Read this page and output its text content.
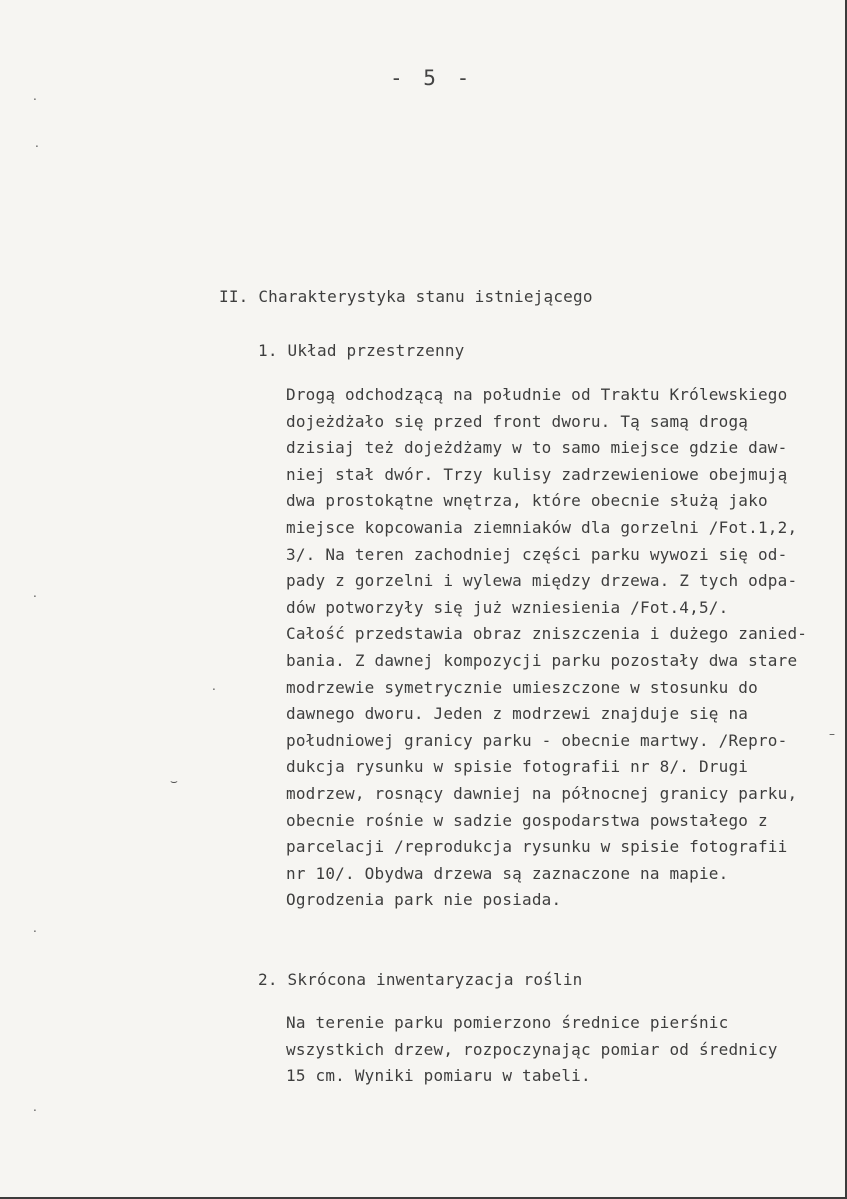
- 5 -
II. Charakterystyka stanu istniejącego
1. Układ przestrzenny
Drogą odchodzącą na południe od Traktu Królewskiego
dojeżdżało się przed front dworu. Tą samą drogą
dzisiaj też dojeżdżamy w to samo miejsce gdzie daw-
niej stał dwór. Trzy kulisy zadrzewieniowe obejmują
dwa prostokątne wnętrza, które obecnie służą jako
miejsce kopcowania ziemniaków dla gorzelni /Fot.1,2,
3/. Na teren zachodniej części parku wywozi się od-
pady z gorzelni i wylewa między drzewa. Z tych odpa-
dów potworzyły się już wzniesienia /Fot.4,5/.
Całość przedstawia obraz zniszczenia i dużego zanied-
bania. Z dawnej kompozycji parku pozostały dwa stare
modrzewie symetrycznie umieszczone w stosunku do
dawnego dworu. Jeden z modrzewi znajduje się na
południowej granicy parku - obecnie martwy. /Repro-
dukcja rysunku w spisie fotografii nr 8/. Drugi
modrzew, rosnący dawniej na północnej granicy parku,
obecnie rośnie w sadzie gospodarstwa powstałego z
parcelacji /reprodukcja rysunku w spisie fotografii
nr 10/. Obydwa drzewa są zaznaczone na mapie.
Ogrodzenia park nie posiada.
2. Skrócona inwentaryzacja roślin
Na terenie parku pomierzono średnice pierśnic
wszystkich drzew, rozpoczynając pomiar od średnicy
15 cm. Wyniki pomiaru w tabeli.
‧
‧
‧
⌣
‧
‧
‧
–
